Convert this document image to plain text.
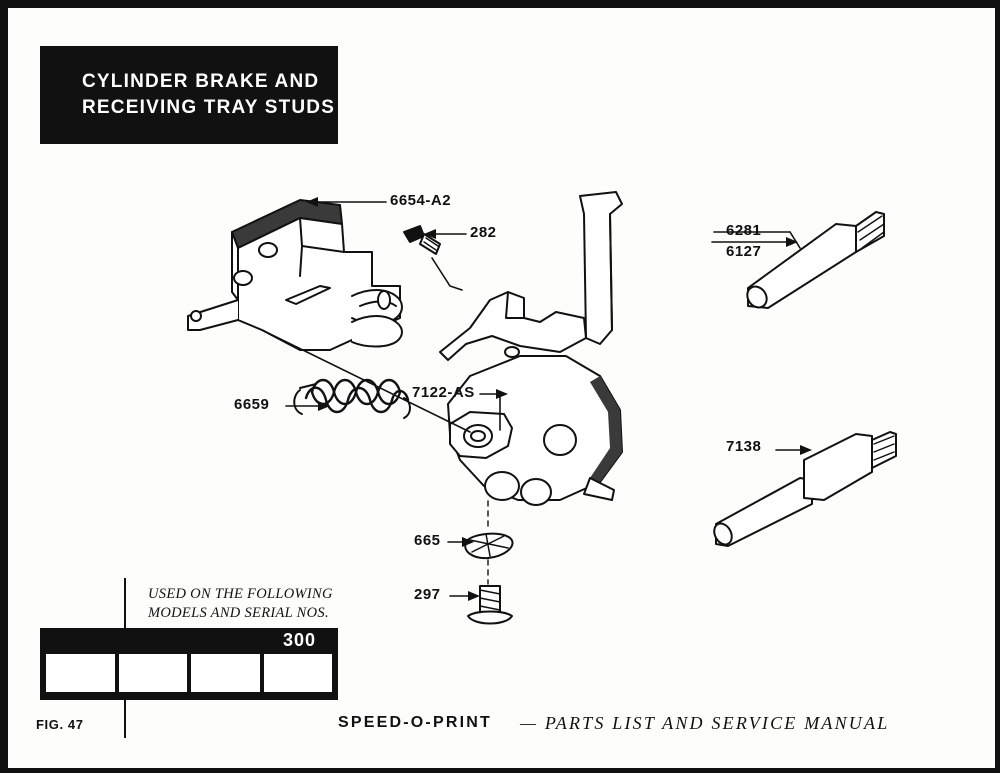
CYLINDER BRAKE AND
RECEIVING TRAY STUDS
6654-A2
282	6281
6127
6659
7122-AS
7138
665
297
USED ON THE FOLLOWING MODELS AND SERIAL NOS.
300
FIG. 47	SPEED-O-PRINT — PARTS LIST AND SERVICE MANUAL
